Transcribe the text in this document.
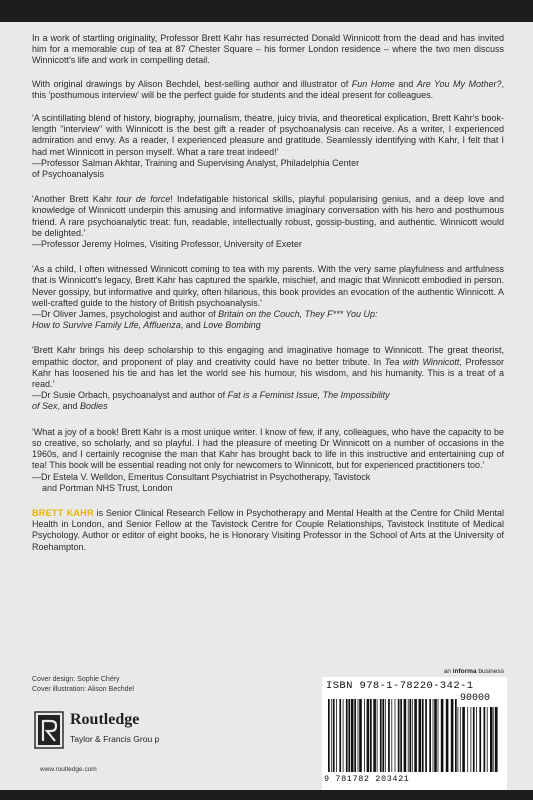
In a work of startling originality, Professor Brett Kahr has resurrected Donald Winnicott from the dead and has invited him for a memorable cup of tea at 87 Chester Square – his former London residence – where the two men discuss Winnicott's life and work in compelling detail.

With original drawings by Alison Bechdel, best-selling author and illustrator of Fun Home and Are You My Mother?, this 'posthumous interview' will be the perfect guide for students and the ideal present for colleagues.

'A scintillating blend of history, biography, journalism, theatre, juicy trivia, and theoretical explication, Brett Kahr's book-length "interview" with Winnicott is the best gift a reader of psychoanalysis can receive. As a writer, I experienced admiration and envy. As a reader, I experienced pleasure and gratitude. Seamlessly identifying with Kahr, I felt that I had met Winnicott in person myself. What a rare treat indeed!'

—Professor Salman Akhtar, Training and Supervising Analyst, Philadelphia Center
of Psychoanalysis

'Another Brett Kahr tour de force! Indefatigable historical skills, playful popularising genius, and a deep love and knowledge of Winnicott underpin this amusing and informative imaginary conversation with his hero and posthumous friend. A rare psychoanalytic treat: fun, readable, intellectually robust, gossip-busting, and authentic. Winnicott would be delighted.'

—Professor Jeremy Holmes, Visiting Professor, University of Exeter

'As a child, I often witnessed Winnicott coming to tea with my parents. With the very same playfulness and artfulness that is Winnicott's legacy, Brett Kahr has captured the sparkle, mischief, and magic that Winnicott embodied in person. Never gossipy, but informative and quirky, often hilarious, this book provides an evocation of the authentic Winnicott. A well-crafted guide to the history of British psychoanalysis.'

—Dr Oliver James, psychologist and author of Britain on the Couch, They F*** You Up:
How to Survive Family Life, Affluenza, and Love Bombing

'Brett Kahr brings his deep scholarship to this engaging and imaginative homage to Winnicott. The great theorist, empathic doctor, and proponent of play and creativity could have no better tribute. In Tea with Winnicott, Professor Kahr has loosened his tie and has let the world see his humour, his wisdom, and his humanity. This is a treat of a read.'

—Dr Susie Orbach, psychoanalyst and author of Fat is a Feminist Issue, The Impossibility
of Sex, and Bodies

'What a joy of a book! Brett Kahr is a most unique writer. I know of few, if any, colleagues, who have the capacity to be so creative, so scholarly, and so playful. I had the pleasure of meeting Dr Winnicott on a number of occasions in the 1960s, and I certainly recognise the man that Kahr has brought back to life in this instructive and entertaining cup of tea! This book will be essential reading not only for newcomers to Winnicott, but for experienced practitioners too.'

—Dr Estela V. Welldon, Emeritus Consultant Psychiatrist in Psychotherapy, Tavistock

and Portman NHS Trust, London

BRETT KAHR is Senior Clinical Research Fellow in Psychotherapy and Mental Health at the Centre for Child Mental Health in London, and Senior Fellow at the Tavistock Centre for Couple Relationships, Tavistock Institute of Medical Psychology. Author or editor of eight books, he is Honorary Visiting Professor in the School of Arts at the University of Roehampton.

Cover design: Sophie Chéry
Cover illustration: Alison Bechdel
Routledge
Taylor & Francis Grou p
www.routledge.com
an informa business
ISBN 978-1-78220-342-1
90000
9 781782 203421
